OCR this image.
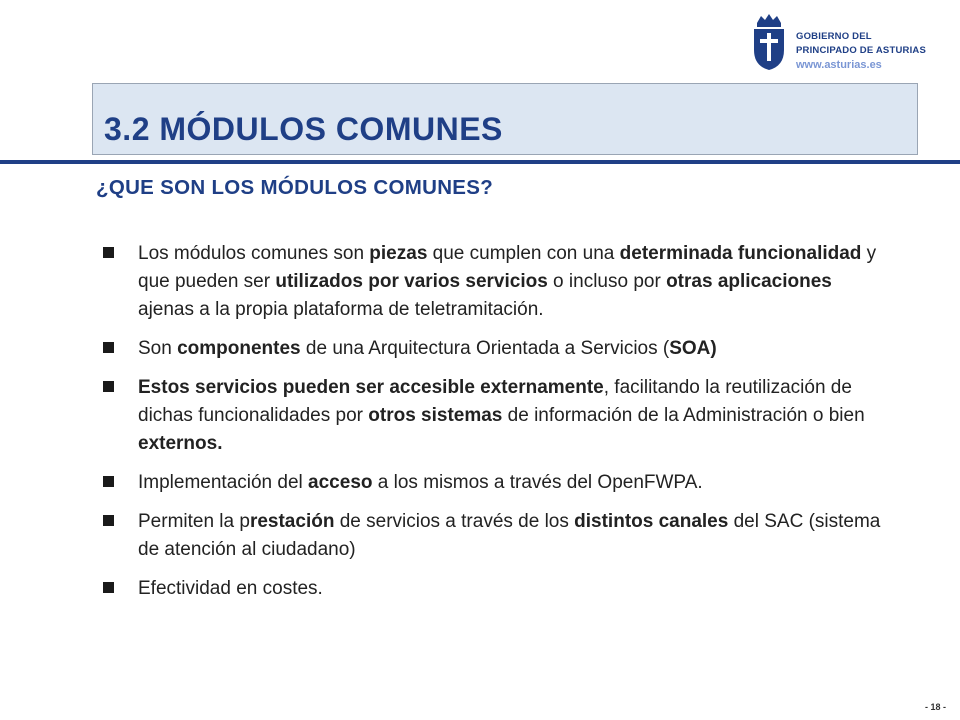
GOBIERNO DEL
PRINCIPADO DE ASTURIAS
www.asturias.es
3.2 MÓDULOS COMUNES
¿QUE SON LOS MÓDULOS COMUNES?
Los módulos comunes son piezas que cumplen con una determinada funcionalidad y que pueden ser utilizados por varios servicios o incluso por otras aplicaciones ajenas a la propia plataforma de teletramitación.
Son componentes de una Arquitectura Orientada a Servicios (SOA)
Estos servicios pueden ser accesible externamente, facilitando la reutilización de dichas funcionalidades por otros sistemas de información de la Administración o bien externos.
Implementación del acceso a los mismos a través del OpenFWPA.
Permiten la prestación de servicios a través de los distintos canales del SAC (sistema de atención al ciudadano)
Efectividad en costes.
- 18 -
